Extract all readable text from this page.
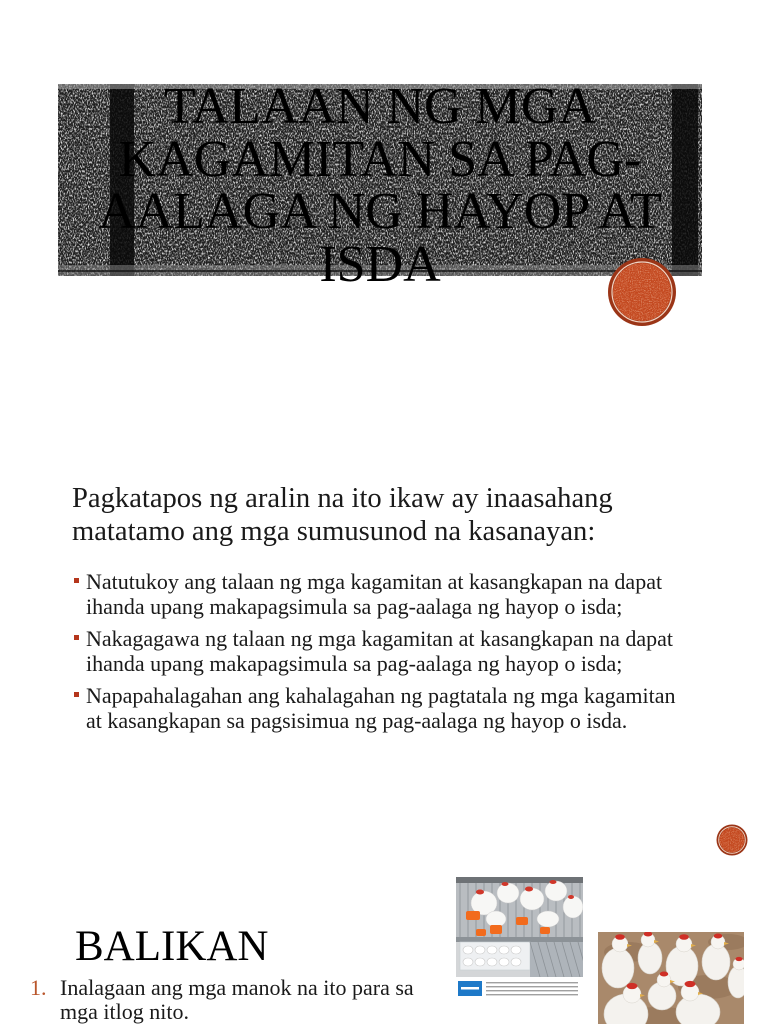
TALAAN NG MGA
KAGAMITAN SA PAG-
AALAGA NG HAYOP AT
ISDA
Pagkatapos ng aralin na ito ikaw ay inaasahang
matatamo ang mga sumusunod na kasanayan:
Natutukoy ang talaan ng mga kagamitan at kasangkapan na dapat
ihanda upang makapagsimula sa pag-aalaga ng hayop o isda;
Nakagagawa ng talaan ng mga kagamitan at kasangkapan na dapat
ihanda upang makapagsimula sa pag-aalaga ng hayop o isda;
Napapahalagahan ang kahalagahan ng pagtatala ng mga kagamitan
at kasangkapan sa pagsisimua ng pag-aalaga ng hayop o isda.
BALIKAN
1. Inalagaan ang mga manok na ito para sa
mga itlog nito.
